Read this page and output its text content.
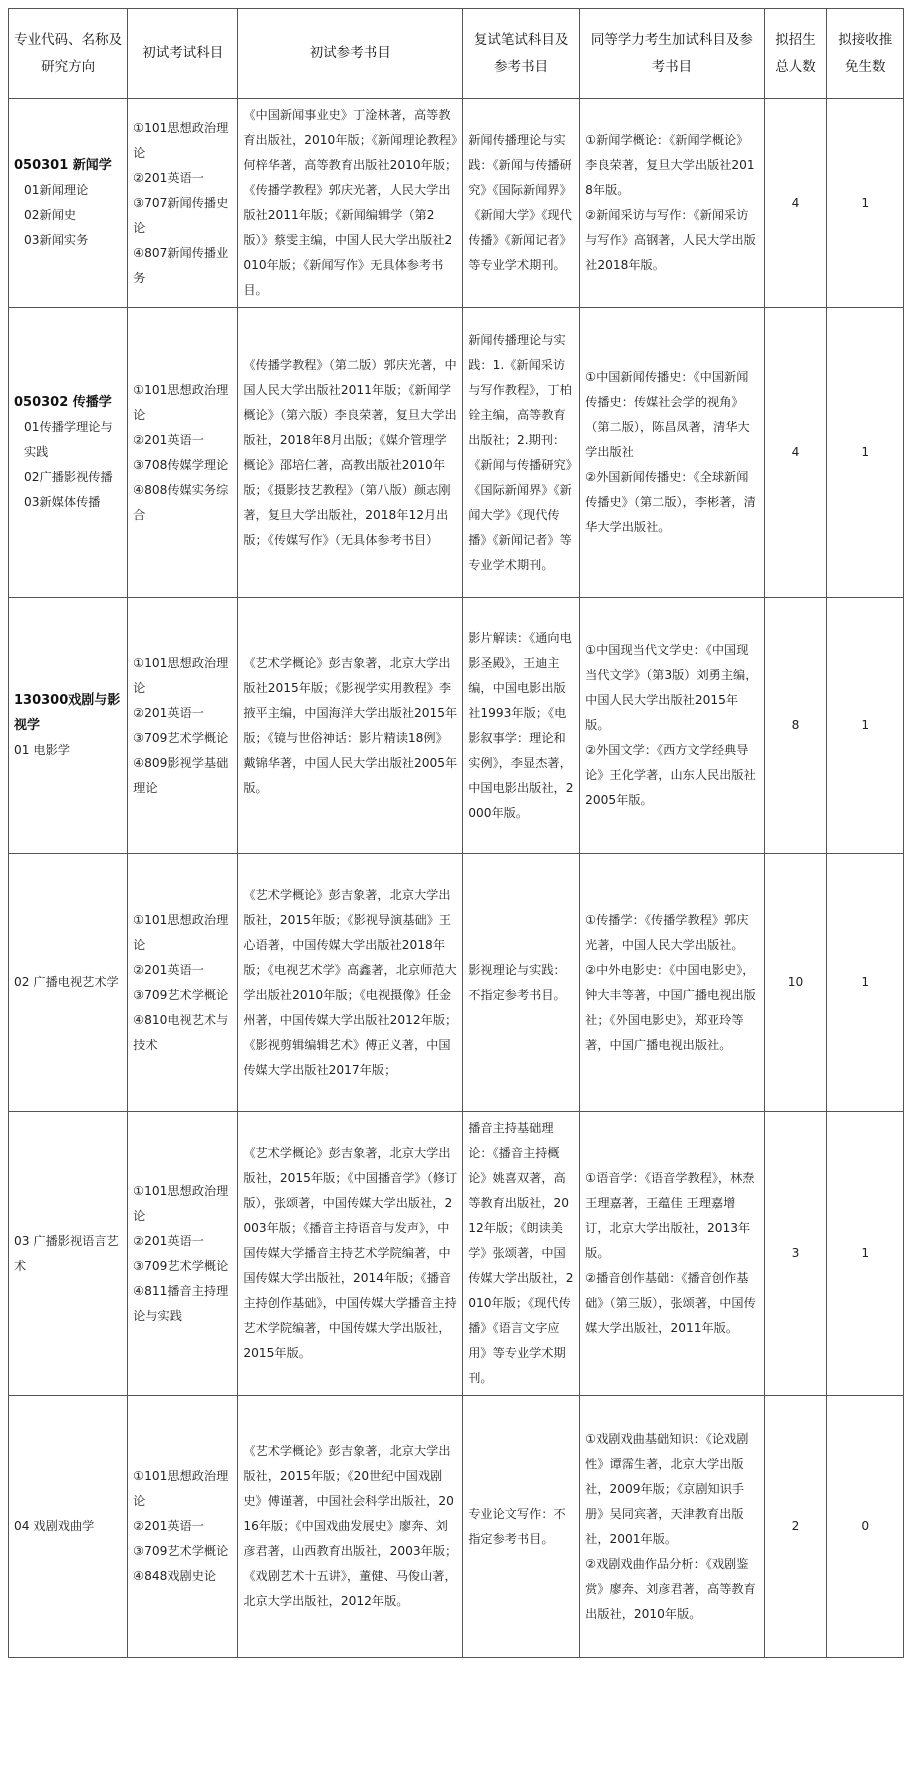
专业代码、名称及研究方向	初试考试科目	初试参考书目	复试笔试科目及参考书目	同等学力考生加试科目及参考书目	拟招生总人数	拟接收推免生数

050301 新闻学
01新闻理论
02新闻史
03新闻实务	①101思想政治理论
②201英语一
③707新闻传播史论
④807新闻传播业务	《中国新闻事业史》丁淦林著，高等教育出版社，2010年版；《新闻理论教程》何梓华著，高等教育出版社2010年版；《传播学教程》郭庆光著，人民大学出版社2011年版；《新闻编辑学（第2版）》蔡雯主编，中国人民大学出版社2010年版；《新闻写作》无具体参考书目。	新闻传播理论与实践：《新闻与传播研究》《国际新闻界》《新闻大学》《现代传播》《新闻记者》等专业学术期刊。	①新闻学概论：《新闻学概论》李良荣著，复旦大学出版社2018年版。
②新闻采访与写作：《新闻采访与写作》高钢著，人民大学出版社2018年版。	4	1

050302 传播学
01传播学理论与实践
02广播影视传播
03新媒体传播	①101思想政治理论
②201英语一
③708传媒学理论
④808传媒实务综合	《传播学教程》（第二版）郭庆光著，中国人民大学出版社2011年版；《新闻学概论》（第六版）李良荣著，复旦大学出版社，2018年8月出版；《媒介管理学概论》邵培仁著，高教出版社2010年版；《摄影技艺教程》（第八版）颜志刚著，复旦大学出版社，2018年12月出版；《传媒写作》（无具体参考书目）	新闻传播理论与实践：1.《新闻采访与写作教程》，丁柏铨主编，高等教育出版社；2.期刊：《新闻与传播研究》《国际新闻界》《新闻大学》《现代传播》《新闻记者》等专业学术期刊。	①中国新闻传播史：《中国新闻传播史：传媒社会学的视角》（第二版），陈昌凤著，清华大学出版社
②外国新闻传播史：《全球新闻传播史》（第二版），李彬著，清华大学出版社。	4	1

130300戏剧与影视学
01 电影学	①101思想政治理论
②201英语一
③709艺术学概论
④809影视学基础理论	《艺术学概论》彭吉象著，北京大学出版社2015年版；《影视学实用教程》李掖平主编，中国海洋大学出版社2015年版；《镜与世俗神话：影片精读18例》戴锦华著，中国人民大学出版社2005年版。	影片解读：《通向电影圣殿》，王迪主编，中国电影出版社1993年版；《电影叙事学：理论和实例》，李显杰著，中国电影出版社，2000年版。	①中国现当代文学史：《中国现当代文学》（第3版）刘勇主编，中国人民大学出版社2015年版。
②外国文学：《西方文学经典导论》王化学著，山东人民出版社2005年版。	8	1

02 广播电视艺术学	①101思想政治理论
②201英语一
③709艺术学概论
④810电视艺术与技术	《艺术学概论》彭吉象著，北京大学出版社，2015年版；《影视导演基础》王心语著，中国传媒大学出版社2018年版；《电视艺术学》高鑫著，北京师范大学出版社2010年版；《电视摄像》任金州著，中国传媒大学出版社2012年版；《影视剪辑编辑艺术》傅正义著，中国传媒大学出版社2017年版；	影视理论与实践：不指定参考书目。	①传播学：《传播学教程》郭庆光著，中国人民大学出版社。
②中外电影史：《中国电影史》，钟大丰等著，中国广播电视出版社；《外国电影史》，郑亚玲等著，中国广播电视出版社。	10	1

03 广播影视语言艺术	①101思想政治理论
②201英语一
③709艺术学概论
④811播音主持理论与实践	《艺术学概论》彭吉象著，北京大学出版社，2015年版；《中国播音学》（修订版），张颂著，中国传媒大学出版社，2003年版；《播音主持语音与发声》，中国传媒大学播音主持艺术学院编著，中国传媒大学出版社，2014年版；《播音主持创作基础》，中国传媒大学播音主持艺术学院编著，中国传媒大学出版社，2015年版。	播音主持基础理论：《播音主持概论》姚喜双著，高等教育出版社，2012年版；《朗读美学》张颂著，中国传媒大学出版社，2010年版；《现代传播》《语言文字应用》等专业学术期刊。	①语音学：《语音学教程》，林焘 王理嘉著，王蕴佳 王理嘉增订，北京大学出版社，2013年版。
②播音创作基础：《播音创作基础》（第三版），张颂著，中国传媒大学出版社，2011年版。	3	1

04 戏剧戏曲学	①101思想政治理论
②201英语一
③709艺术学概论
④848戏剧史论	《艺术学概论》彭吉象著，北京大学出版社，2015年版；《20世纪中国戏剧史》傅谨著，中国社会科学出版社，2016年版；《中国戏曲发展史》廖奔、刘彦君著，山西教育出版社，2003年版；《戏剧艺术十五讲》，董健、马俊山著，北京大学出版社，2012年版。	专业论文写作：不指定参考书目。	①戏剧戏曲基础知识：《论戏剧性》谭霈生著，北京大学出版社，2009年版；《京剧知识手册》吴同宾著，天津教育出版社，2001年版。
②戏剧戏曲作品分析：《戏剧鉴赏》廖奔、刘彦君著，高等教育出版社，2010年版。	2	0
